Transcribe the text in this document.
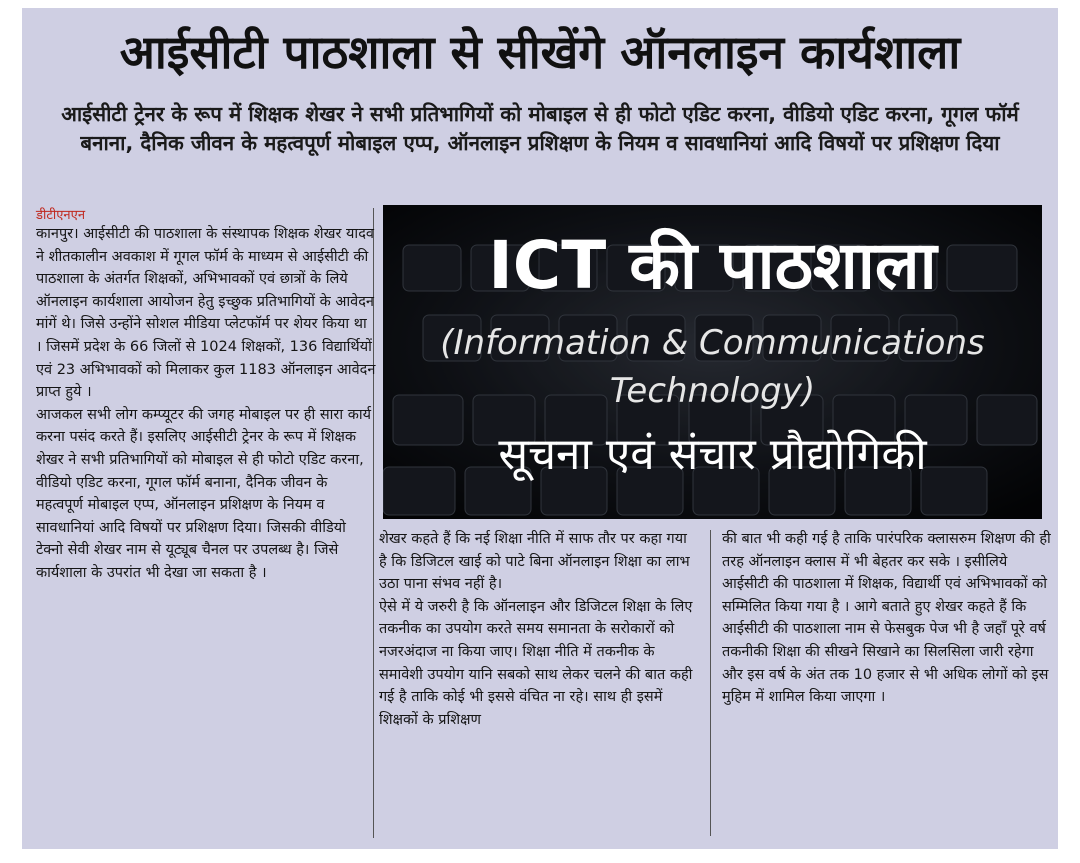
आईसीटी पाठशाला से सीखेंगे ऑनलाइन कार्यशाला
आईसीटी ट्रेनर के रूप में शिक्षक शेखर ने सभी प्रतिभागियों को मोबाइल से ही फोटो एडिट करना, वीडियो एडिट करना, गूगल फॉर्म बनाना, दैनिक जीवन के महत्वपूर्ण मोबाइल एप्प, ऑनलाइन प्रशिक्षण के नियम व सावधानियां आदि विषयों पर प्रशिक्षण दिया
डीटीएनएन
कानपुर। आईसीटी की पाठशाला के संस्थापक शिक्षक शेखर यादव ने शीतकालीन अवकाश में गूगल फॉर्म के माध्यम से आईसीटी की पाठशाला के अंतर्गत शिक्षकों, अभिभावकों एवं छात्रों के लिये ऑनलाइन कार्यशाला आयोजन हेतु इच्छुक प्रतिभागियों के आवेदन मांगें थे। जिसे उन्होंने सोशल मीडिया प्लेटफॉर्म पर शेयर किया था । जिसमें प्रदेश के 66 जिलों से 1024 शिक्षकों, 136 विद्यार्थियों एवं 23 अभिभावकों को मिलाकर कुल 1183 ऑनलाइन आवेदन प्राप्त हुये ।
आजकल सभी लोग कम्प्यूटर की जगह मोबाइल पर ही सारा कार्य करना पसंद करते हैं। इसलिए आईसीटी ट्रेनर के रूप में शिक्षक शेखर ने सभी प्रतिभागियों को मोबाइल से ही फोटो एडिट करना, वीडियो एडिट करना, गूगल फॉर्म बनाना, दैनिक जीवन के महत्वपूर्ण मोबाइल एप्प, ऑनलाइन प्रशिक्षण के नियम व सावधानियां आदि विषयों पर प्रशिक्षण दिया। जिसकी वीडियो टेक्नो सेवी शेखर नाम से यूट्यूब चैनल पर उपलब्ध है। जिसे कार्यशाला के उपरांत भी देखा जा सकता है ।
ICT की पाठशाला
(Information & Communications
Technology)
सूचना एवं संचार प्रौद्योगिकी
शेखर कहते हैं कि नई शिक्षा नीति में साफ तौर पर कहा गया है कि डिजिटल खाई को पाटे बिना ऑनलाइन शिक्षा का लाभ उठा पाना संभव नहीं है।
ऐसे में ये जरुरी है कि ऑनलाइन और डिजिटल शिक्षा के लिए तकनीक का उपयोग करते समय समानता के सरोकारों को नजरअंदाज ना किया जाए। शिक्षा नीति में तकनीक के समावेशी उपयोग यानि सबको साथ लेकर चलने की बात कही गई है ताकि कोई भी इससे वंचित ना रहे। साथ ही इसमें शिक्षकों के प्रशिक्षण
की बात भी कही गई है ताकि पारंपरिक क्लासरुम शिक्षण की ही तरह ऑनलाइन क्लास में भी बेहतर कर सके । इसीलिये आईसीटी की पाठशाला में शिक्षक, विद्यार्थी एवं अभिभावकों को सम्मिलित किया गया है । आगे बताते हुए शेखर कहते हैं कि आईसीटी की पाठशाला नाम से फेसबुक पेज भी है जहाँ पूरे वर्ष तकनीकी शिक्षा की सीखने सिखाने का सिलसिला जारी रहेगा और इस वर्ष के अंत तक 10 हजार से भी अधिक लोगों को इस मुहिम में शामिल किया जाएगा ।
